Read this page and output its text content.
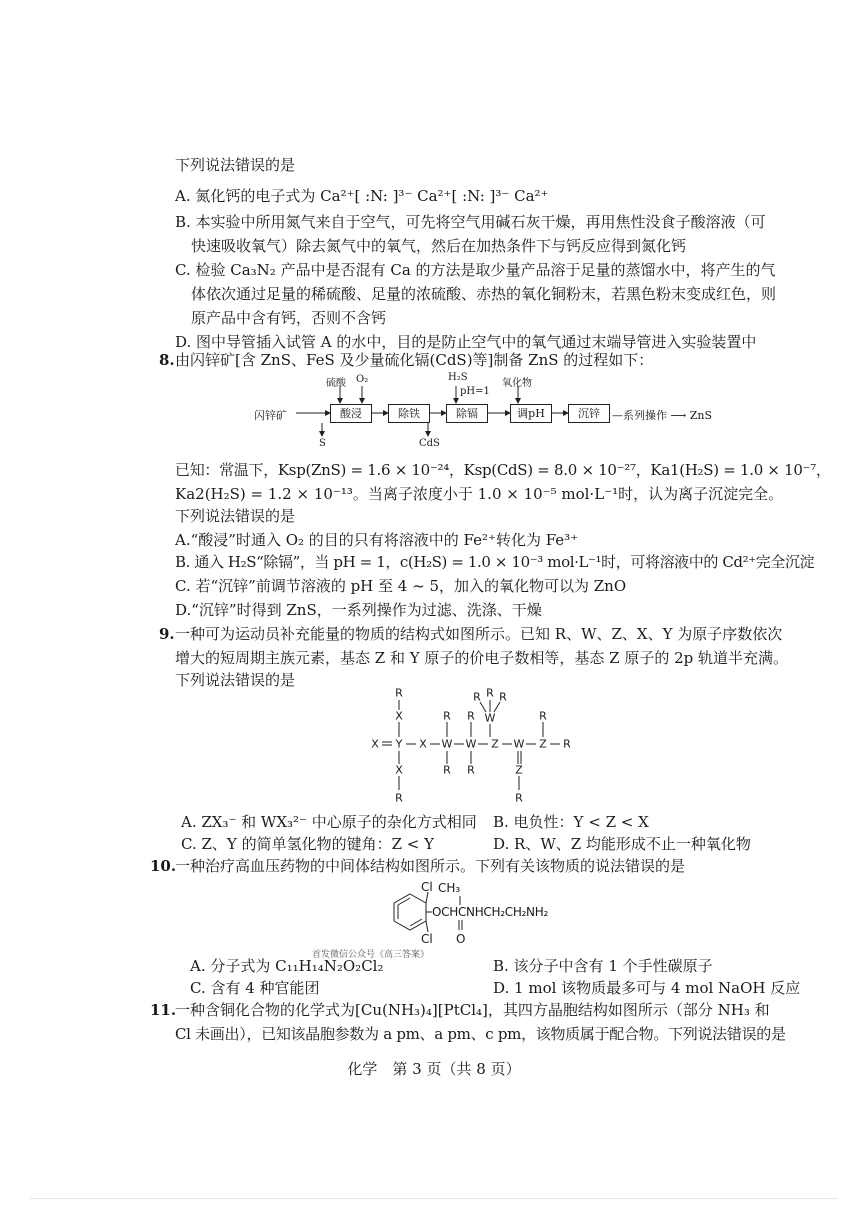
下列说法错误的是
A. 氮化钙的电子式为 Ca²⁺[ :N: ]³⁻ Ca²⁺[ :N: ]³⁻ Ca²⁺
B. 本实验中所用氮气来自于空气，可先将空气用碱石灰干燥，再用焦性没食子酸溶液（可
快速吸收氧气）除去氮气中的氧气，然后在加热条件下与钙反应得到氮化钙
C. 检验 Ca₃N₂ 产品中是否混有 Ca 的方法是取少量产品溶于足量的蒸馏水中，将产生的气
体依次通过足量的稀硫酸、足量的浓硫酸、赤热的氧化铜粉末，若黑色粉末变成红色，则
原产品中含有钙，否则不含钙
D. 图中导管插入试管 A 的水中，目的是防止空气中的氧气通过末端导管进入实验装置中
8. 由闪锌矿[含 ZnS、FeS 及少量硫化镉(CdS)等]制备 ZnS 的过程如下：
闪锌矿	酸浸	除铁	除镉	调pH	沉锌	—系列操作 ⟶ ZnS
硫酸 O₂	H₂S
pH=1
氧化物
S	CdS
已知：常温下，Ksp(ZnS) = 1.6 × 10⁻²⁴，Ksp(CdS) = 8.0 × 10⁻²⁷，Ka1(H₂S) = 1.0 × 10⁻⁷，
Ka2(H₂S) = 1.2 × 10⁻¹³。当离子浓度小于 1.0 × 10⁻⁵ mol·L⁻¹时，认为离子沉淀完全。
下列说法错误的是
A.“酸浸”时通入 O₂ 的目的只有将溶液中的 Fe²⁺转化为 Fe³⁺
B. 通入 H₂S“除镉”，当 pH = 1，c(H₂S) = 1.0 × 10⁻³ mol·L⁻¹时，可将溶液中的 Cd²⁺完全沉淀
C. 若“沉锌”前调节溶液的 pH 至 4 ~ 5，加入的氧化物可以为 ZnO
D.“沉锌”时得到 ZnS，一系列操作为过滤、洗涤、干燥
9. 一种可为运动员补充能量的物质的结构式如图所示。已知 R、W、Z、X、Y 为原子序数依次
增大的短周期主族元素，基态 Z 和 Y 原子的价电子数相等，基态 Z 原子的 2p 轨道半充满。
下列说法错误的是
R
X
X Y X
X
R
R
W
R
R
W
R
R
R R
W
Z W
Z
R
R
Z R
A. ZX₃⁻ 和 WX₃²⁻ 中心原子的杂化方式相同 B. 电负性：Y < Z < X
C. Z、Y 的简单氢化物的键角：Z < Y	D. R、W、Z 均能形成不止一种氧化物
10.
一种治疗高血压药物的中间体结构如图所示。下列有关该物质的说法错误的是
Cl CH₃
OCHCNHCH₂CH₂NH₂
O
Cl
首发微信公众号《高三答案》
A. 分子式为 C₁₁H₁₄N₂O₂Cl₂	B. 该分子中含有 1 个手性碳原子
C. 含有 4 种官能团	D. 1 mol 该物质最多可与 4 mol NaOH 反应
11.
一种含铜化合物的化学式为[Cu(NH₃)₄][PtCl₄]，其四方晶胞结构如图所示（部分 NH₃ 和
Cl 未画出），已知该晶胞参数为 a pm、a pm、c pm，该物质属于配合物。下列说法错误的是
化学　第 3 页（共 8 页）
